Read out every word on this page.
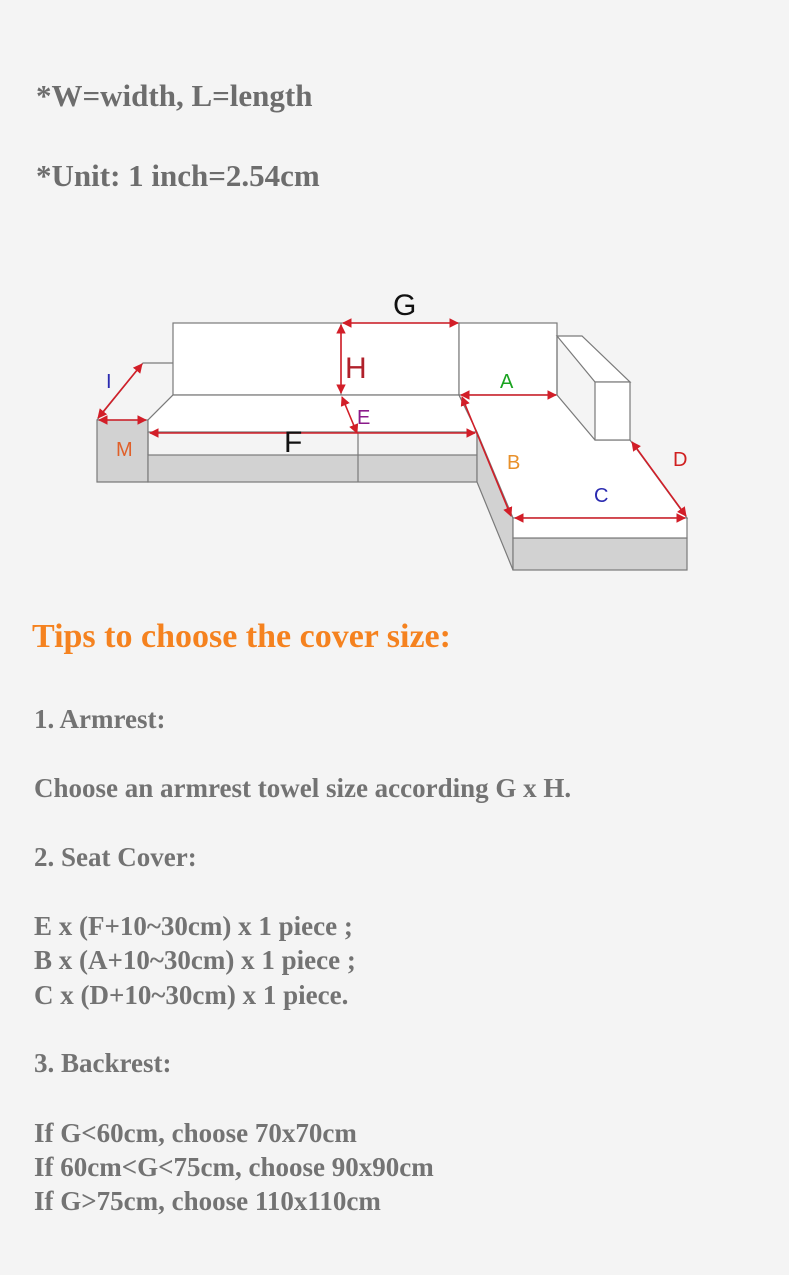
*W=width, L=length

*Unit: 1 inch=2.54cm

G
H	A
E
F
I
M
B
C
D
Tips to choose the cover size:

1. Armrest:

Choose an armrest towel size according G x H.

2. Seat Cover:

E x (F+10~30cm) x 1 piece ;

B x (A+10~30cm) x 1 piece ;

C x (D+10~30cm) x 1 piece.

3. Backrest:

If G<60cm, choose 70x70cm

If 60cm<G<75cm, choose 90x90cm

If G>75cm, choose 110x110cm
